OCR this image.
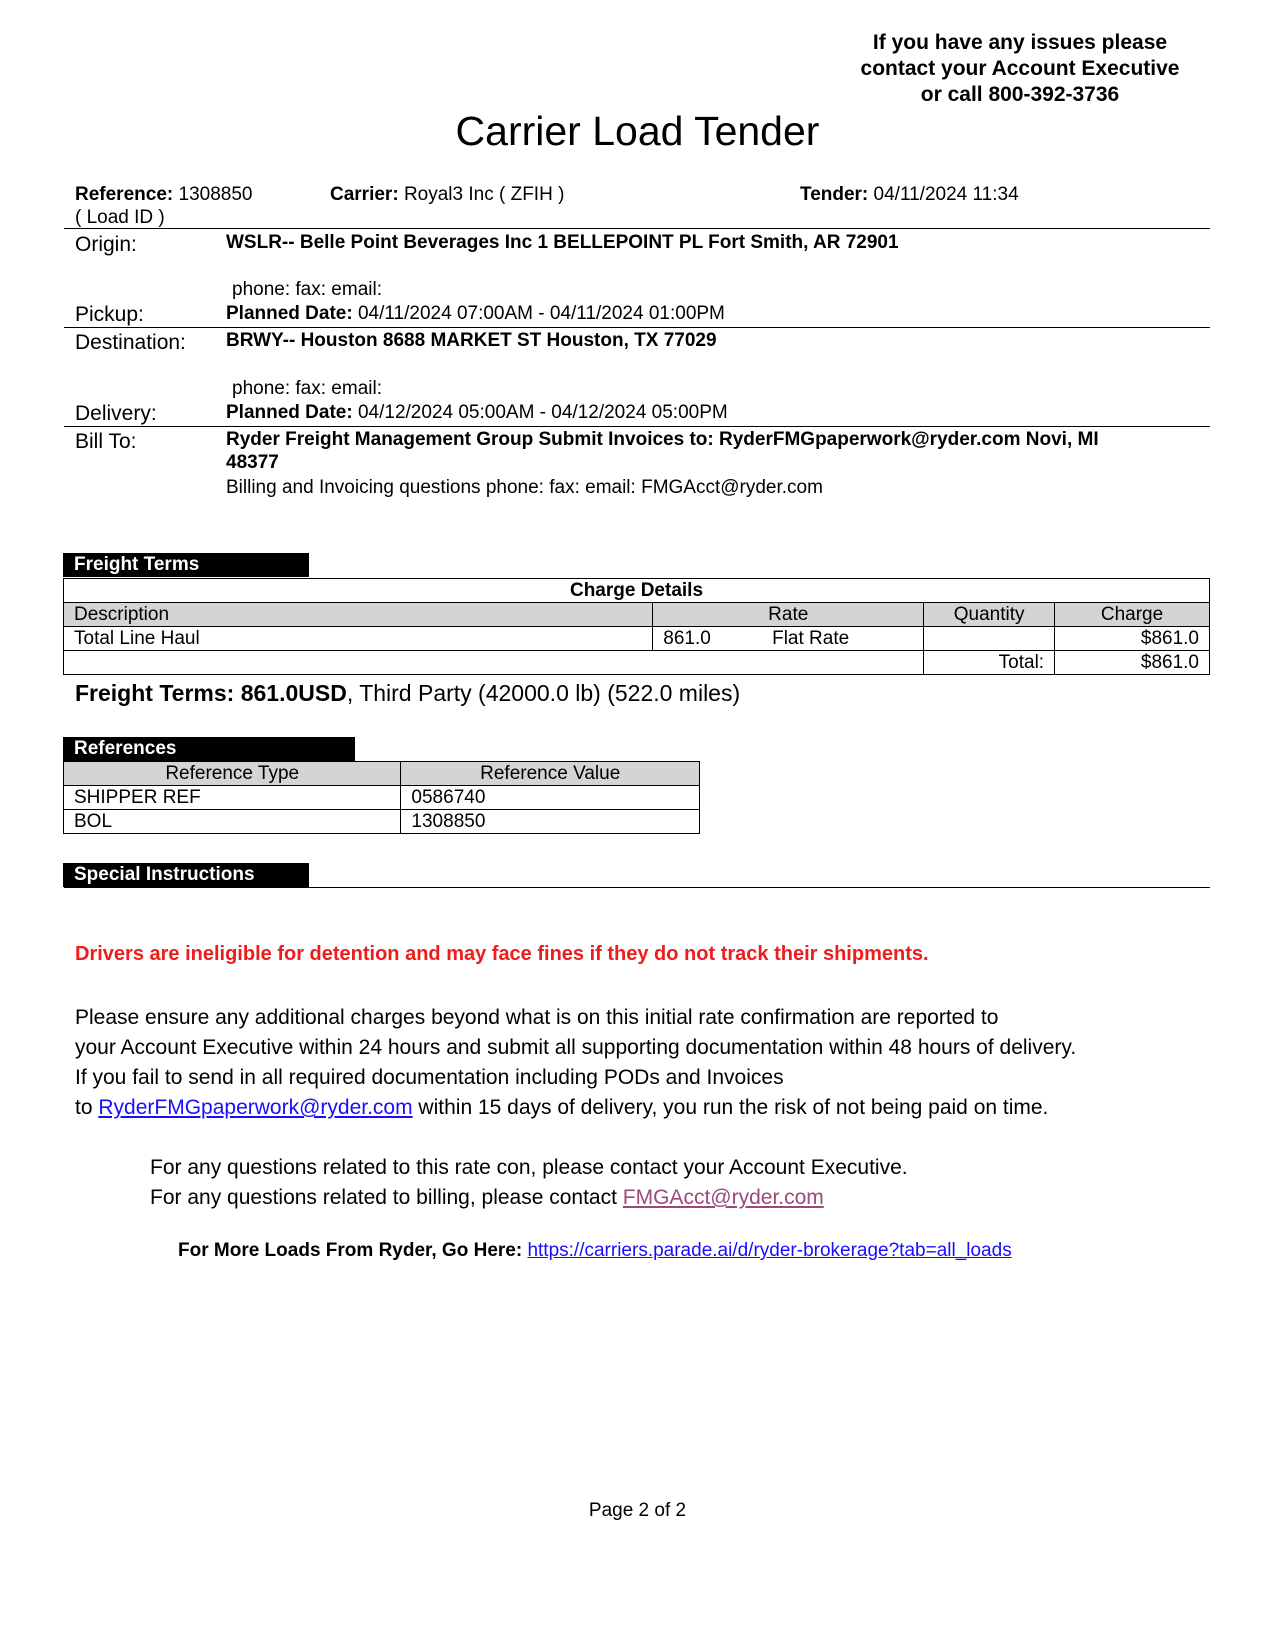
If you have any issues please
contact your Account Executive
or call 800-392-3736
Carrier Load Tender
Reference: 1308850
( Load ID )
Carrier: Royal3 Inc ( ZFIH )	Tender: 04/11/2024 11:34
Origin:	WSLR-- Belle Point Beverages Inc 1 BELLEPOINT PL Fort Smith, AR 72901
phone: fax: email:
Pickup:	Planned Date: 04/11/2024 07:00AM - 04/11/2024 01:00PM
Destination: BRWY-- Houston 8688 MARKET ST Houston, TX 77029
phone: fax: email:
Delivery:	Planned Date: 04/12/2024 05:00AM - 04/12/2024 05:00PM
Bill To:	Ryder Freight Management Group Submit Invoices to: RyderFMGpaperwork@ryder.com Novi, MI
48377
Billing and Invoicing questions phone: fax: email: FMGAcct@ryder.com
Freight Terms
Charge Details			
Description	Rate	Quantity	Charge
Total Line Haul	861.0 Flat Rate		$861.0
		Total:	$861.0
Freight Terms: 861.0USD, Third Party (42000.0 lb) (522.0 miles)
References
Reference Type	Reference Value
SHIPPER REF	0586740
BOL	1308850
Special Instructions
Drivers are ineligible for detention and may face fines if they do not track their shipments.
Please ensure any additional charges beyond what is on this initial rate confirmation are reported to
your Account Executive within 24 hours and submit all supporting documentation within 48 hours of delivery.
If you fail to send in all required documentation including PODs and Invoices
to RyderFMGpaperwork@ryder.com within 15 days of delivery, you run the risk of not being paid on time.
For any questions related to this rate con, please contact your Account Executive.
For any questions related to billing, please contact FMGAcct@ryder.com
For More Loads From Ryder, Go Here: https://carriers.parade.ai/d/ryder-brokerage?tab=all_loads
Page 2 of 2
